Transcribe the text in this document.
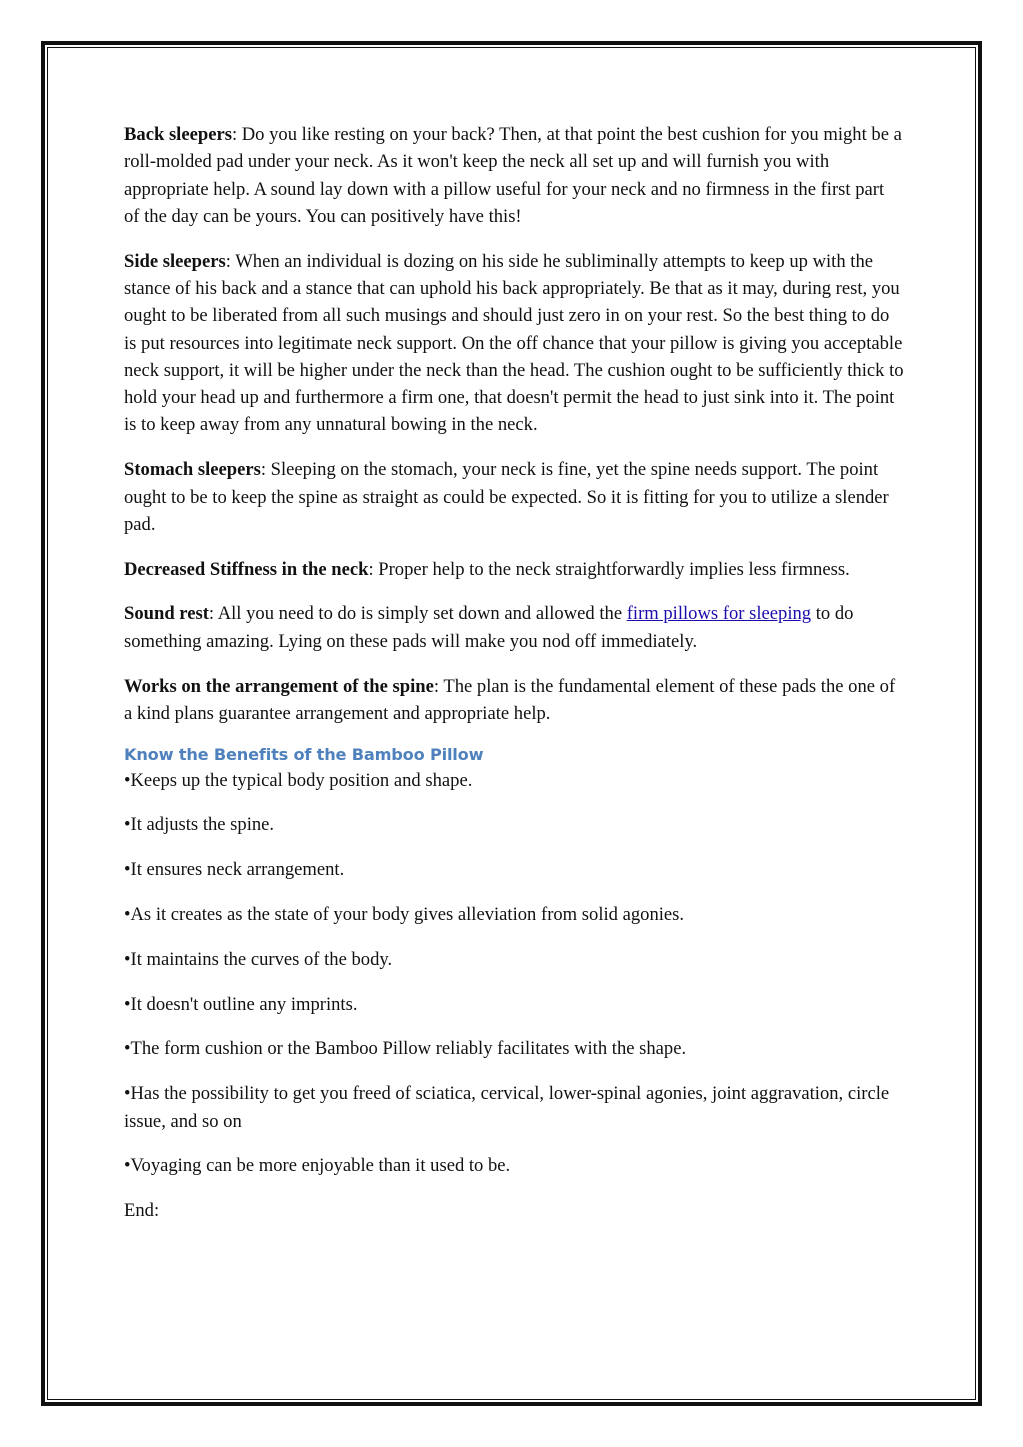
Back sleepers: Do you like resting on your back? Then, at that point the best cushion for you might be a roll-molded pad under your neck. As it won't keep the neck all set up and will furnish you with appropriate help. A sound lay down with a pillow useful for your neck and no firmness in the first part of the day can be yours. You can positively have this!

Side sleepers: When an individual is dozing on his side he subliminally attempts to keep up with the stance of his back and a stance that can uphold his back appropriately. Be that as it may, during rest, you ought to be liberated from all such musings and should just zero in on your rest. So the best thing to do is put resources into legitimate neck support. On the off chance that your pillow is giving you acceptable neck support, it will be higher under the neck than the head. The cushion ought to be sufficiently thick to hold your head up and furthermore a firm one, that doesn't permit the head to just sink into it. The point is to keep away from any unnatural bowing in the neck.

Stomach sleepers: Sleeping on the stomach, your neck is fine, yet the spine needs support. The point ought to be to keep the spine as straight as could be expected. So it is fitting for you to utilize a slender pad.

Decreased Stiffness in the neck: Proper help to the neck straightforwardly implies less firmness.

Sound rest: All you need to do is simply set down and allowed the firm pillows for sleeping to do something amazing. Lying on these pads will make you nod off immediately.

Works on the arrangement of the spine: The plan is the fundamental element of these pads the one of a kind plans guarantee arrangement and appropriate help.

Know the Benefits of the Bamboo Pillow

•Keeps up the typical body position and shape.

•It adjusts the spine.

•It ensures neck arrangement.

•As it creates as the state of your body gives alleviation from solid agonies.

•It maintains the curves of the body.

•It doesn't outline any imprints.

•The form cushion or the Bamboo Pillow reliably facilitates with the shape.

•Has the possibility to get you freed of sciatica, cervical, lower-spinal agonies, joint aggravation, circle issue, and so on

•Voyaging can be more enjoyable than it used to be.

End:
